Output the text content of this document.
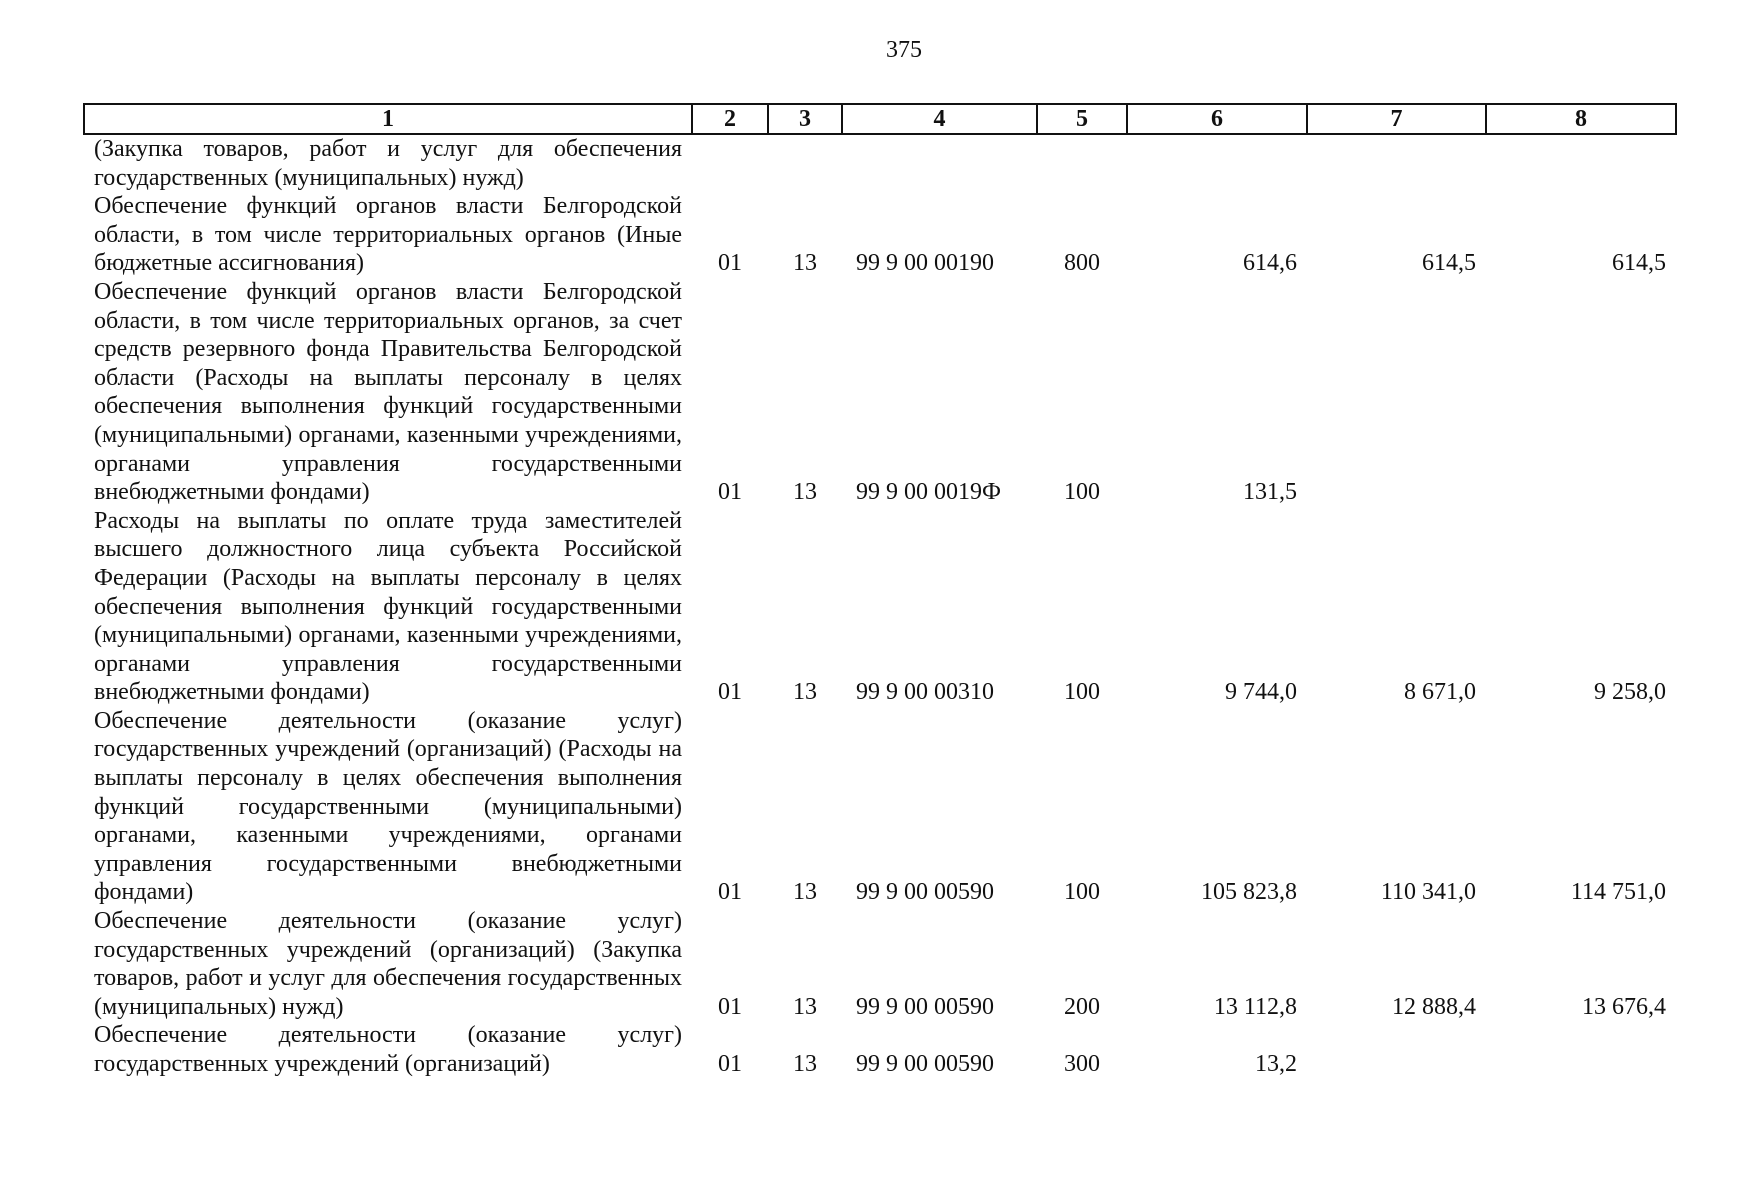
375
1	2	3	4	5	6	7	8
(Закупка товаров, работ и услуг для обеспечения государственных (муниципальных) нужд)							
Обеспечение функций органов власти Белгородской области, в том числе территориальных органов (Иные бюджетные ассигнования)	01	13	99 9 00 00190	800	614,6	614,5	614,5
Обеспечение функций органов власти Белгородской области, в том числе территориальных органов, за счет средств резервного фонда Правительства Белгородской области (Расходы на выплаты персоналу в целях обеспечения выполнения функций государственными (муниципальными) органами, казенными учреждениями, органами управления государственными внебюджетными фондами)	01	13	99 9 00 0019Ф	100	131,5		
Расходы на выплаты по оплате труда заместителей высшего должностного лица субъекта Российской Федерации (Расходы на выплаты персоналу в целях обеспечения выполнения функций государственными (муниципальными) органами, казенными учреждениями, органами управления государственными внебюджетными фондами)	01	13	99 9 00 00310	100	9 744,0	8 671,0	9 258,0
Обеспечение деятельности (оказание услуг) государственных учреждений (организаций) (Расходы на выплаты персоналу в целях обеспечения выполнения функций государственными (муниципальными) органами, казенными учреждениями, органами управления государственными внебюджетными фондами)	01	13	99 9 00 00590	100	105 823,8	110 341,0	114 751,0
Обеспечение деятельности (оказание услуг) государственных учреждений (организаций) (Закупка товаров, работ и услуг для обеспечения государственных (муниципальных) нужд)	01	13	99 9 00 00590	200	13 112,8	12 888,4	13 676,4
Обеспечение деятельности (оказание услуг) государственных учреждений (организаций)	01	13	99 9 00 00590	300	13,2		
